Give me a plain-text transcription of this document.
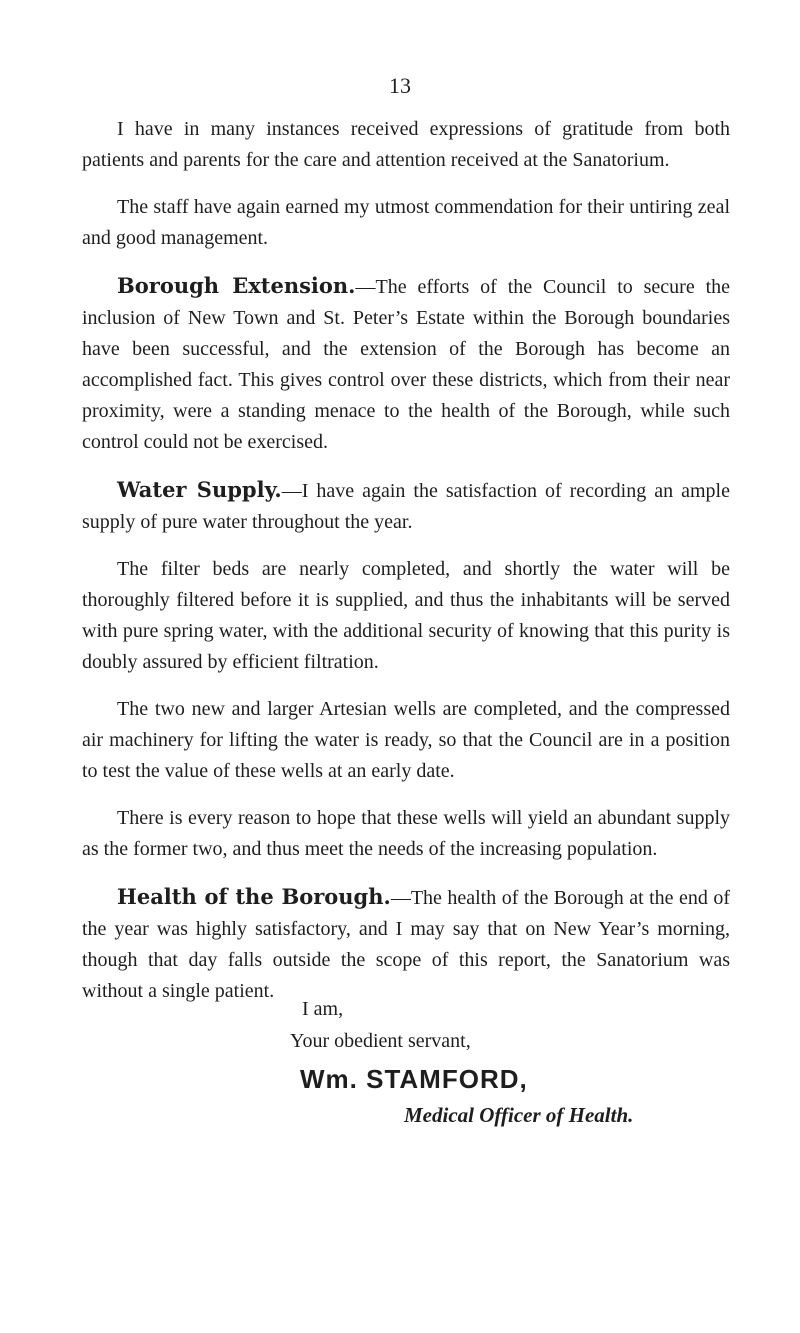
13

I have in many instances received expressions of gratitude from both patients and parents for the care and attention received at the Sanatorium.

The staff have again earned my utmost commendation for their untiring zeal and good management.

Borough Extension.—The efforts of the Council to secure the inclusion of New Town and St. Peter’s Estate within the Borough boundaries have been successful, and the extension of the Borough has become an accomplished fact. This gives control over these districts, which from their near proximity, were a standing menace to the health of the Borough, while such control could not be exercised.

Water Supply.—I have again the satisfaction of recording an ample supply of pure water throughout the year.

The filter beds are nearly completed, and shortly the water will be thoroughly filtered before it is supplied, and thus the inhabitants will be served with pure spring water, with the additional security of knowing that this purity is doubly assured by efficient filtration.

The two new and larger Artesian wells are completed, and the compressed air machinery for lifting the water is ready, so that the Council are in a position to test the value of these wells at an early date.

There is every reason to hope that these wells will yield an abundant supply as the former two, and thus meet the needs of the increasing population.

Health of the Borough.—The health of the Borough at the end of the year was highly satisfactory, and I may say that on New Year’s morning, though that day falls outside the scope of this report, the Sanatorium was without a single patient.

I am,
Your obedient servant,
Wm. STAMFORD,
Medical Officer of Health.
